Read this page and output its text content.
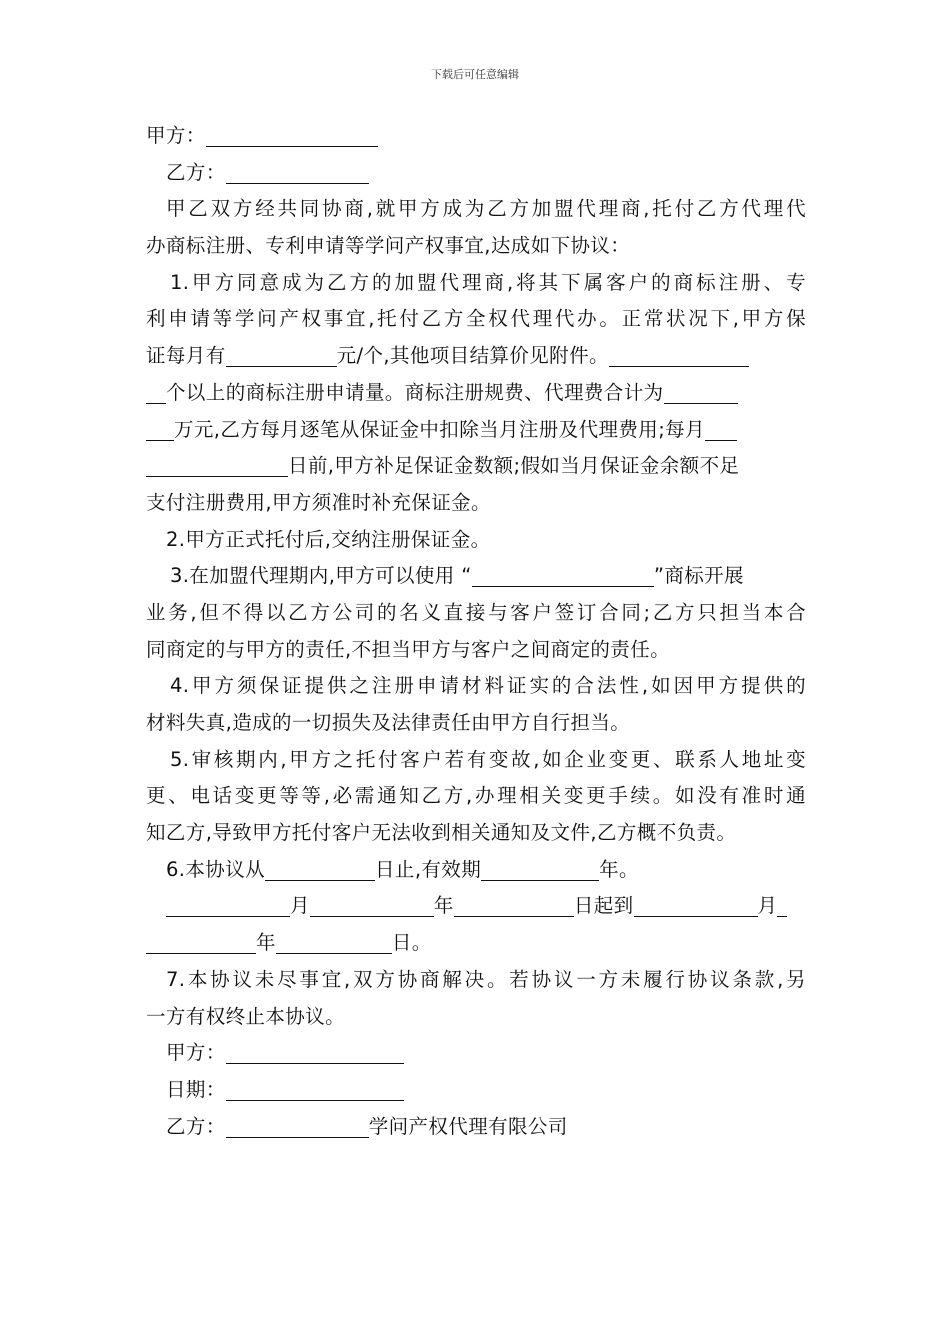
下载后可任意编辑
甲方：
乙方：
甲乙双方经共同协商,就甲方成为乙方加盟代理商,托付乙方代理代
办商标注册、专利申请等学问产权事宜,达成如下协议：
1.甲方同意成为乙方的加盟代理商,将其下属客户的商标注册、专
利申请等学问产权事宜,托付乙方全权代理代办。正常状况下,甲方保
证每月有	元/个,其他项目结算价见附件。
个以上的商标注册申请量。商标注册规费、代理费合计为
万元,乙方每月逐笔从保证金中扣除当月注册及代理费用;每月
日前,甲方补足保证金数额;假如当月保证金余额不足
支付注册费用,甲方须准时补充保证金。
2.甲方正式托付后,交纳注册保证金。
3.在加盟代理期内,甲方可以使用 “	”商标开展
业务,但不得以乙方公司的名义直接与客户签订合同;乙方只担当本合
同商定的与甲方的责任,不担当甲方与客户之间商定的责任。
4.甲方须保证提供之注册申请材料证实的合法性,如因甲方提供的
材料失真,造成的一切损失及法律责任由甲方自行担当。
5.审核期内,甲方之托付客户若有变故,如企业变更、联系人地址变
更、电话变更等等,必需通知乙方,办理相关变更手续。如没有准时通
知乙方,导致甲方托付客户无法收到相关通知及文件,乙方概不负责。
6.本协议从	日止,有效期	年。
月	年	日起到	月
年	日。
7.本协议未尽事宜,双方协商解决。若协议一方未履行协议条款,另
一方有权终止本协议。
甲方：
日期：
乙方：	学问产权代理有限公司
